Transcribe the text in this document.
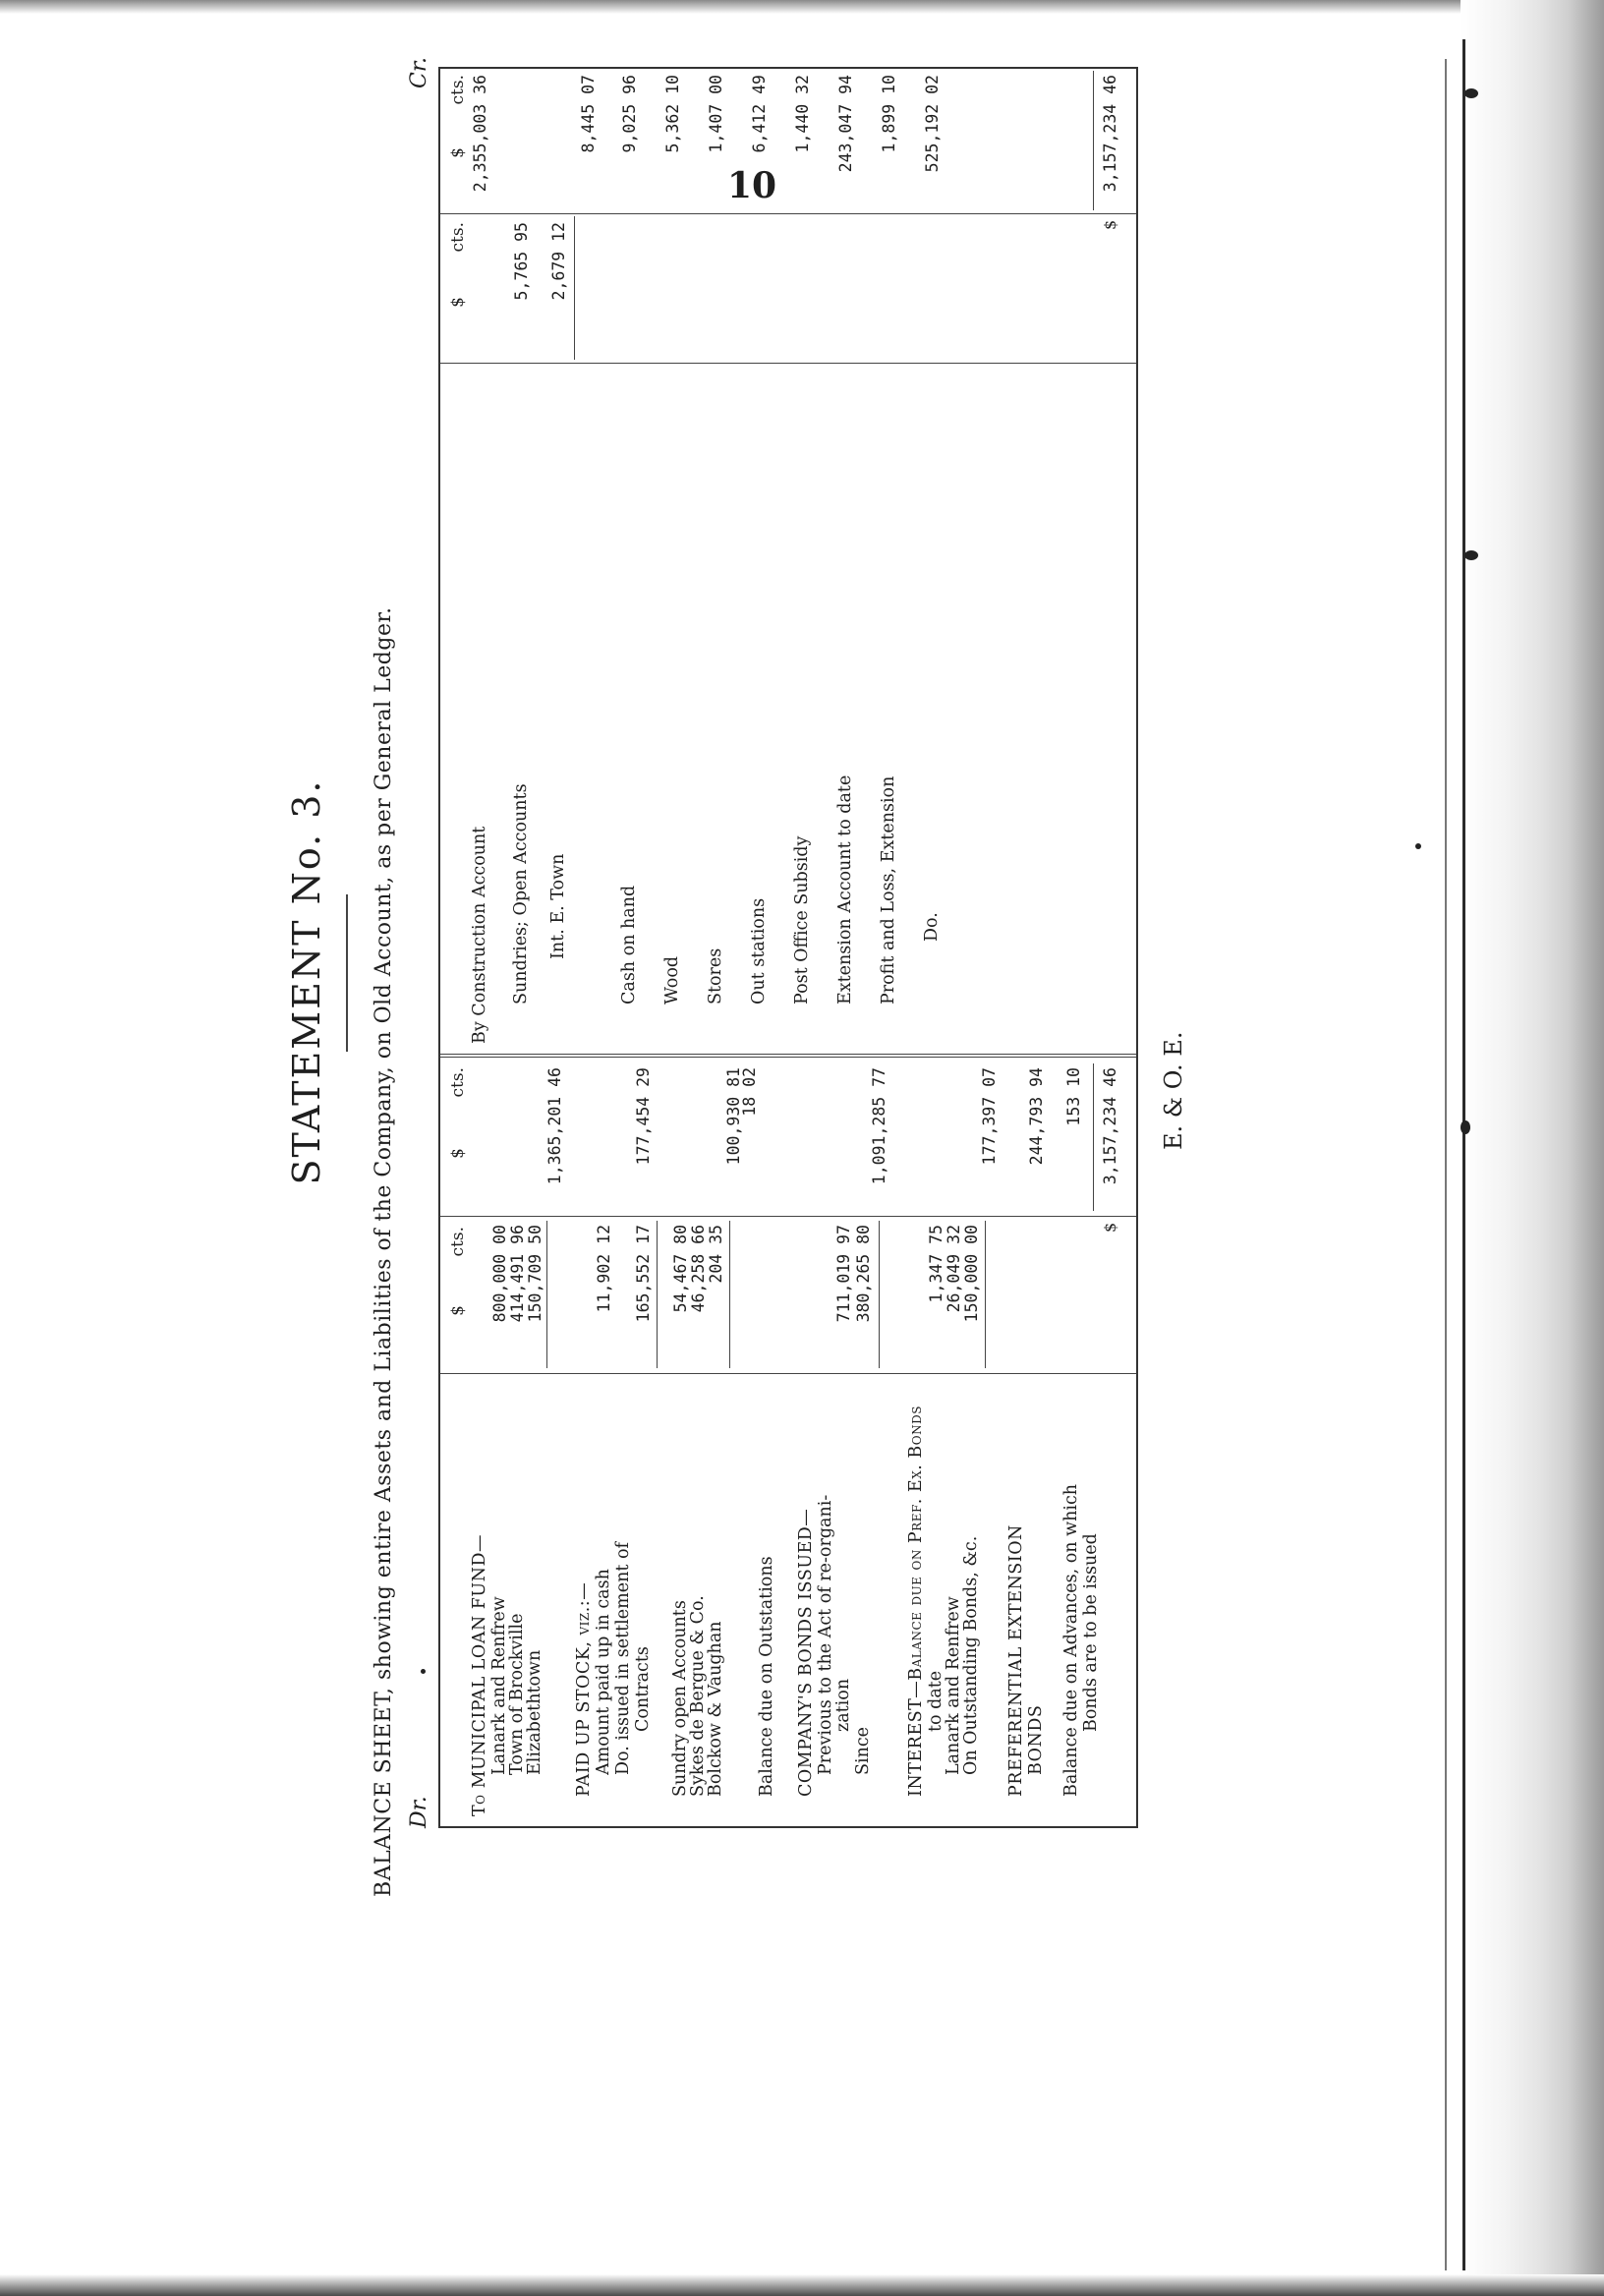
10
STATEMENT No. 3. BALANCE SHEET, showing entire Assets and Liabilities of the Company, on Old Account, as per General Ledger. Dr.
Cr.
$
cts.
$
cts.
$
cts.
$
cts.
To MUNICIPAL LOAN FUND— Lanark and Renfrew
800,000 00
Town of Brockville
414,491 96
Elizabethtown
150,709 50
1,365,201 46
PAID UP STOCK, viz.:— Amount paid up in cash
11,902 12
Do. issued in settlement of Contracts
165,552 17
177,454 29
Sundry open Accounts
54,467 80
Sykes de Bergue & Co.
46,258 66
Bolckow & Vaughan
204 35
100,930 81
Balance due on Outstations
18 02
COMPANY'S BONDS ISSUED— Previous to the Act of re-organi-
zation
711,019 97
Since
380,265 80
1,091,285 77
INTEREST—Balance due on Pref. Ex. Bonds to date
1,347 75
Lanark and Renfrew
26,049 32
On Outstanding Bonds, &c.
150,000 00
177,397 07
PREFERENTIAL EXTENSION BONDS
244,793 94
Balance due on Advances, on which Bonds are to be issued
153 10
$
3,157,234 46
By Construction Account
2,355,003 36
Sundries; Open Accounts
5,765 95
Int. E. Town
2,679 12
8,445 07
Cash on hand
9,025 96
Wood
5,362 10
Stores
1,407 00
Out stations
6,412 49
Post Office Subsidy
1,440 32
Extension Account to date
243,047 94
Profit and Loss, Extension
1,899 10
Do.
525,192 02
$
3,157,234 46
E. & O. E.
